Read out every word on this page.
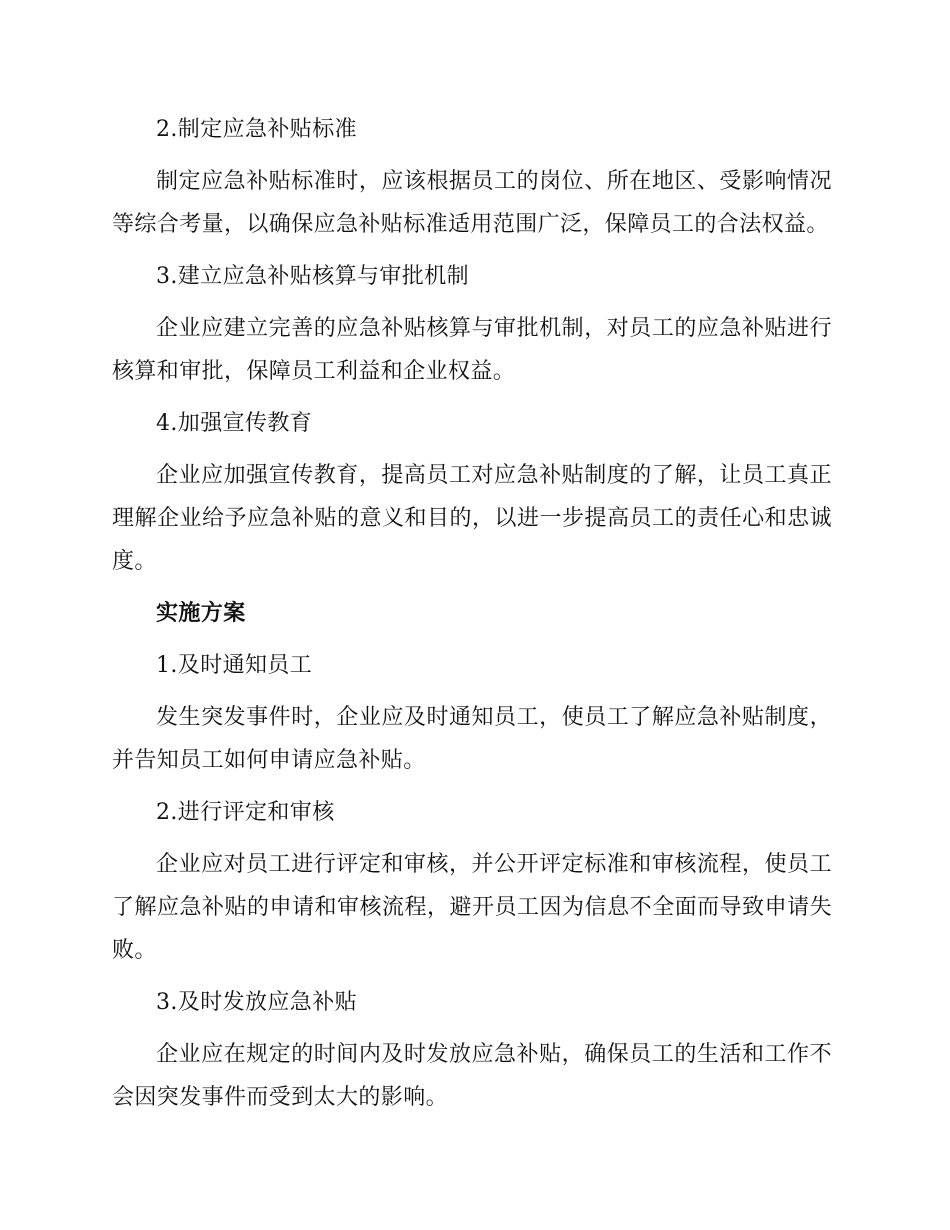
2.制定应急补贴标准

制定应急补贴标准时，应该根据员工的岗位、所在地区、受影响情况等综合考量，以确保应急补贴标准适用范围广泛，保障员工的合法权益。

3.建立应急补贴核算与审批机制

企业应建立完善的应急补贴核算与审批机制，对员工的应急补贴进行核算和审批，保障员工利益和企业权益。

4.加强宣传教育

企业应加强宣传教育，提高员工对应急补贴制度的了解，让员工真正理解企业给予应急补贴的意义和目的，以进一步提高员工的责任心和忠诚度。

实施方案

1.及时通知员工

发生突发事件时，企业应及时通知员工，使员工了解应急补贴制度，并告知员工如何申请应急补贴。

2.进行评定和审核

企业应对员工进行评定和审核，并公开评定标准和审核流程，使员工了解应急补贴的申请和审核流程，避开员工因为信息不全面而导致申请失败。

3.及时发放应急补贴

企业应在规定的时间内及时发放应急补贴，确保员工的生活和工作不会因突发事件而受到太大的影响。
